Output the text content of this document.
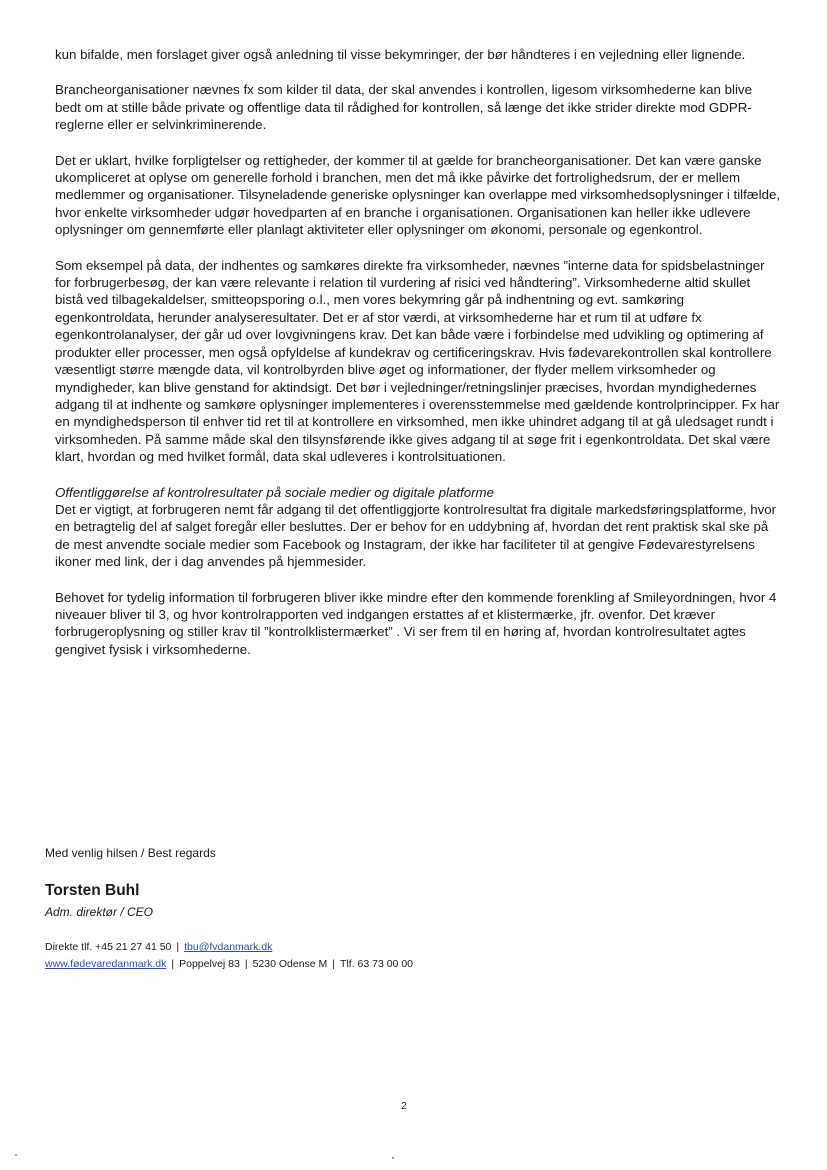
kun bifalde, men forslaget giver også anledning til visse bekymringer, der bør håndteres i en vejledning eller lignende.

Brancheorganisationer nævnes fx som kilder til data, der skal anvendes i kontrollen, ligesom virksomhederne kan blive bedt om at stille både private og offentlige data til rådighed for kontrollen, så længe det ikke strider direkte mod GDPR-reglerne eller er selvinkriminerende.

Det er uklart, hvilke forpligtelser og rettigheder, der kommer til at gælde for brancheorganisationer. Det kan være ganske ukompliceret at oplyse om generelle forhold i branchen, men det må ikke påvirke det fortrolighedsrum, der er mellem medlemmer og organisationer. Tilsyneladende generiske oplysninger kan overlappe med virksomhedsoplysninger i tilfælde, hvor enkelte virksomheder udgør hovedparten af en branche i organisationen. Organisationen kan heller ikke udlevere oplysninger om gennemførte eller planlagt aktiviteter eller oplysninger om økonomi, personale og egenkontrol.

Som eksempel på data, der indhentes og samkøres direkte fra virksomheder, nævnes ”interne data for spidsbelastninger for forbrugerbesøg, der kan være relevante i relation til vurdering af risici ved håndtering”. Virksomhederne altid skullet bistå ved tilbagekaldelser, smitteopsporing o.l., men vores bekymring går på indhentning og evt. samkøring egenkontroldata, herunder analyseresultater. Det er af stor værdi, at virksomhederne har et rum til at udføre fx egenkontrolanalyser, der går ud over lovgivningens krav. Det kan både være i forbindelse med udvikling og optimering af produkter eller processer, men også opfyldelse af kundekrav og certificeringskrav. Hvis fødevarekontrollen skal kontrollere væsentligt større mængde data, vil kontrolbyrden blive øget og informationer, der flyder mellem virksomheder og myndigheder, kan blive genstand for aktindsigt. Det bør i vejledninger/retningslinjer præcises, hvordan myndighedernes adgang til at indhente og samkøre oplysninger implementeres i overensstemmelse med gældende kontrolprincipper. Fx har en myndighedsperson til enhver tid ret til at kontrollere en virksomhed, men ikke uhindret adgang til at gå uledsaget rundt i virksomheden. På samme måde skal den tilsynsførende ikke gives adgang til at søge frit i egenkontroldata. Det skal være klart, hvordan og med hvilket formål, data skal udleveres i kontrolsituationen.

Offentliggørelse af kontrolresultater på sociale medier og digitale platforme

Det er vigtigt, at forbrugeren nemt får adgang til det offentliggjorte kontrolresultat fra digitale markedsføringsplatforme, hvor en betragtelig del af salget foregår eller besluttes. Der er behov for en uddybning af, hvordan det rent praktisk skal ske på de mest anvendte sociale medier som Facebook og Instagram, der ikke har faciliteter til at gengive Fødevarestyrelsens ikoner med link, der i dag anvendes på hjemmesider.

Behovet for tydelig information til forbrugeren bliver ikke mindre efter den kommende forenkling af Smileyordningen, hvor 4 niveauer bliver til 3, og hvor kontrolrapporten ved indgangen erstattes af et klistermærke, jfr. ovenfor. Det kræver forbrugeroplysning og stiller krav til ”kontrolklistermærket” . Vi ser frem til en høring af, hvordan kontrolresultatet agtes gengivet fysisk i virksomhederne.

Med venlig hilsen / Best regards
Torsten Buhl
Adm. direktør / CEO
Direkte tlf. +45 21 27 41 50 | tbu@fvdanmark.dk
www.fødevaredanmark.dk | Poppelvej 83 | 5230 Odense M | Tlf. 63 73 00 00
2
